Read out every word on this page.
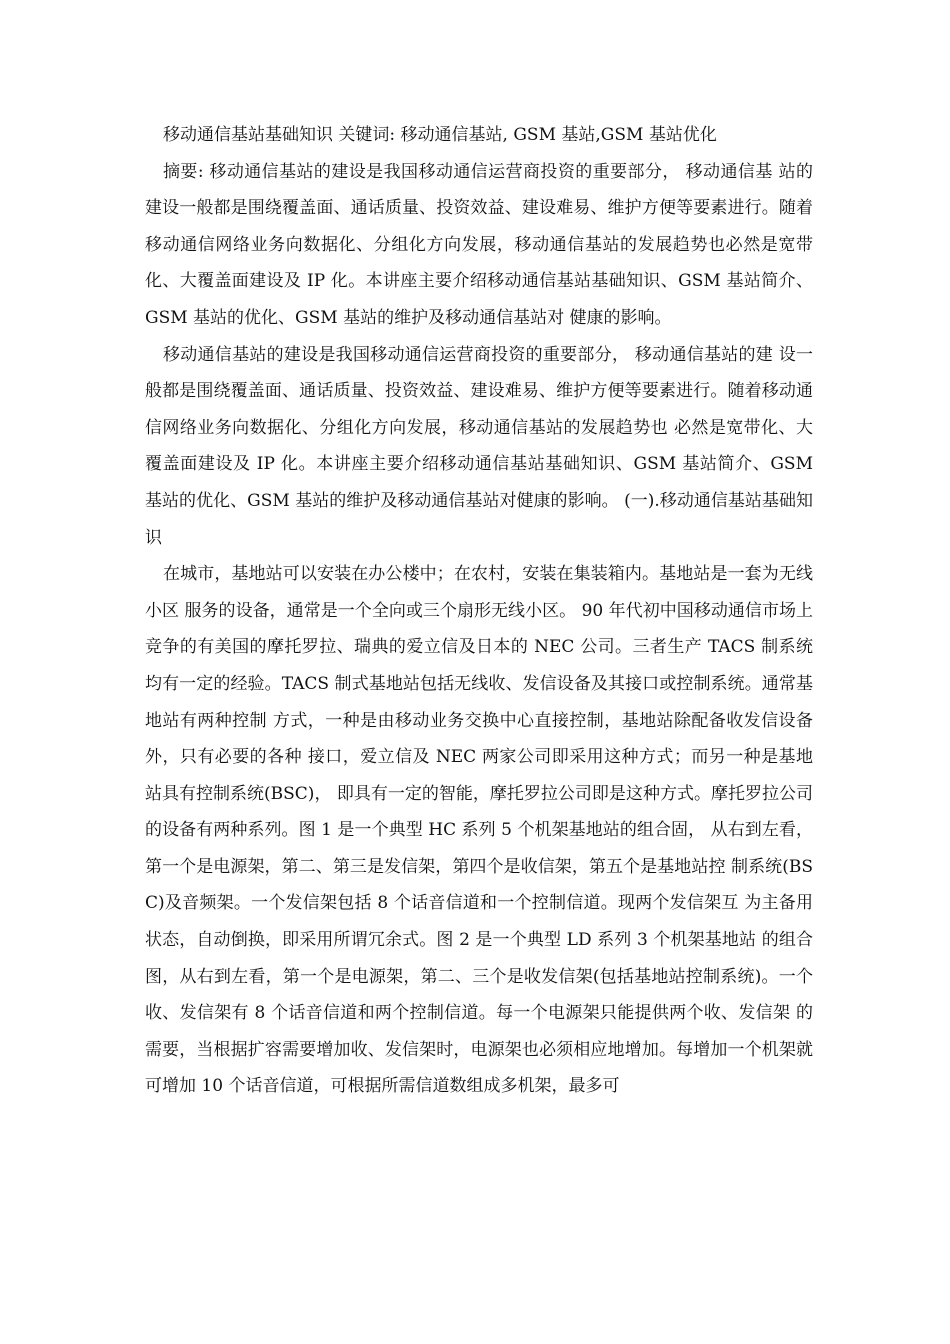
移动通信基站基础知识 关键词: 移动通信基站, GSM 基站,GSM 基站优化

摘要: 移动通信基站的建设是我国移动通信运营商投资的重要部分， 移动通信基 站的建设一般都是围绕覆盖面、通话质量、投资效益、建设难易、维护方便等要素进行。随着移动通信网络业务向数据化、分组化方向发展，移动通信基站的发展趋势也必然是宽带化、大覆盖面建设及 IP 化。本讲座主要介绍移动通信基站基础知识、GSM 基站简介、GSM 基站的优化、GSM 基站的维护及移动通信基站对 健康的影响。

移动通信基站的建设是我国移动通信运营商投资的重要部分， 移动通信基站的建 设一般都是围绕覆盖面、通话质量、投资效益、建设难易、维护方便等要素进行。随着移动通信网络业务向数据化、分组化方向发展，移动通信基站的发展趋势也 必然是宽带化、大覆盖面建设及 IP 化。本讲座主要介绍移动通信基站基础知识、GSM 基站简介、GSM 基站的优化、GSM 基站的维护及移动通信基站对健康的影响。 (一).移动通信基站基础知识

在城市，基地站可以安装在办公楼中；在农村，安装在集装箱内。基地站是一套为无线小区 服务的设备，通常是一个全向或三个扇形无线小区。 90 年代初中国移动通信市场上竞争的有美国的摩托罗拉、瑞典的爱立信及日本的 NEC 公司。三者生产 TACS 制系统均有一定的经验。TACS 制式基地站包括无线收、发信设备及其接口或控制系统。通常基地站有两种控制 方式，一种是由移动业务交换中心直接控制，基地站除配备收发信设备外，只有必要的各种 接口，爱立信及 NEC 两家公司即采用这种方式；而另一种是基地站具有控制系统(BSC)， 即具有一定的智能，摩托罗拉公司即是这种方式。摩托罗拉公司的设备有两种系列。图 1 是一个典型 HC 系列 5 个机架基地站的组合固， 从右到左看，第一个是电源架，第二、第三是发信架，第四个是收信架，第五个是基地站控 制系统(BSC)及音频架。一个发信架包括 8 个话音信道和一个控制信道。现两个发信架互 为主备用状态，自动倒换，即采用所谓冗余式。图 2 是一个典型 LD 系列 3 个机架基地站 的组合图，从右到左看，第一个是电源架，第二、三个是收发信架(包括基地站控制系统)。一个收、发信架有 8 个话音信道和两个控制信道。每一个电源架只能提供两个收、发信架 的需要，当根据扩容需要增加收、发信架时，电源架也必须相应地增加。每增加一个机架就 可增加 10 个话音信道，可根据所需信道数组成多机架，最多可
